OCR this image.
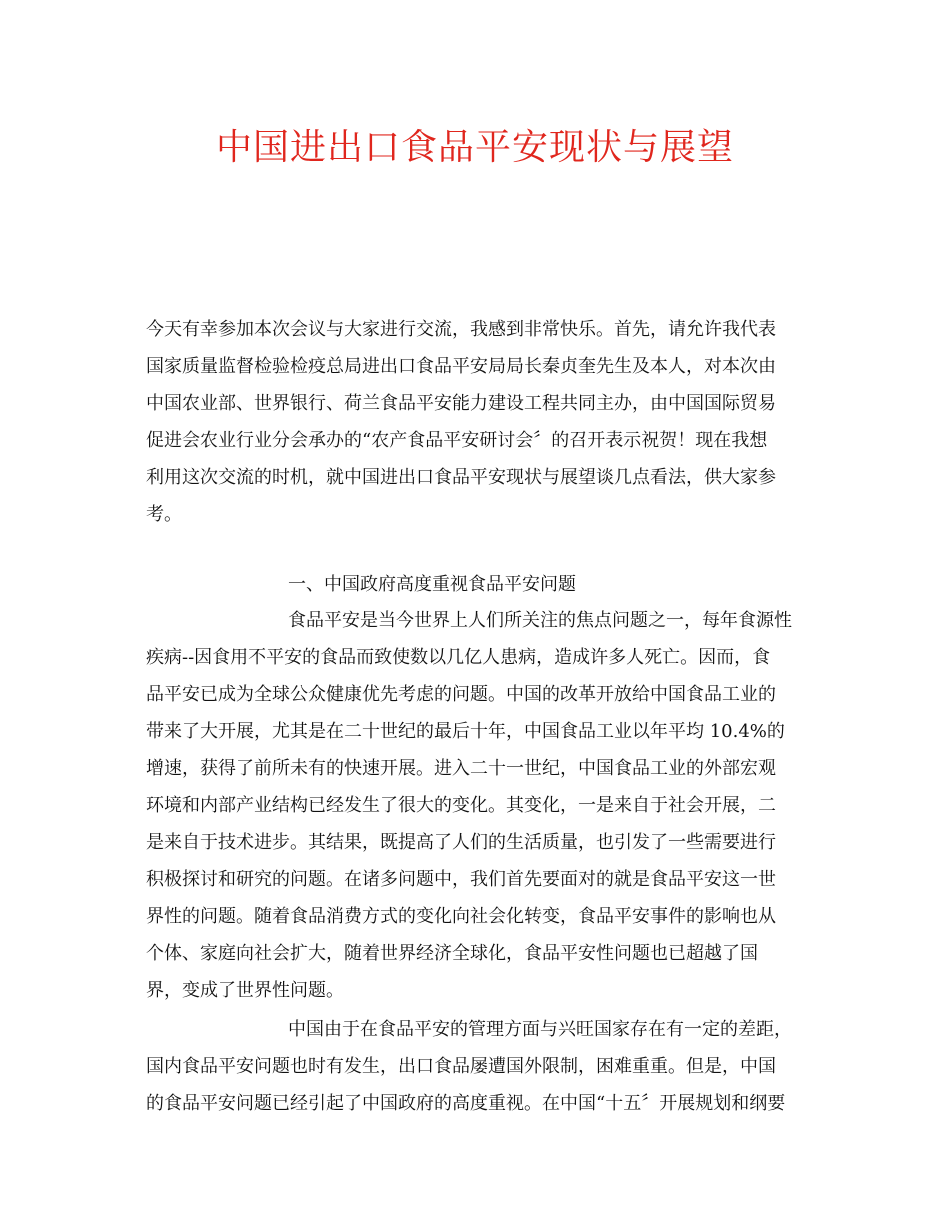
中国进出口食品平安现状与展望

今天有幸参加本次会议与大家进行交流，我感到非常快乐。首先，请允许我代表

国家质量监督检验检疫总局进出口食品平安局局长秦贞奎先生及本人，对本次由

中国农业部、世界银行、荷兰食品平安能力建设工程共同主办，由中国国际贸易

促进会农业行业分会承办的“农产食品平安研讨会〞的召开表示祝贺！现在我想

利用这次交流的时机，就中国进出口食品平安现状与展望谈几点看法，供大家参

考。

一、中国政府高度重视食品平安问题

食品平安是当今世界上人们所关注的焦点问题之一，每年食源性

疾病--因食用不平安的食品而致使数以几亿人患病，造成许多人死亡。因而，食

品平安已成为全球公众健康优先考虑的问题。中国的改革开放给中国食品工业的

带来了大开展，尤其是在二十世纪的最后十年，中国食品工业以年平均 10.4%的

增速，获得了前所未有的快速开展。进入二十一世纪，中国食品工业的外部宏观

环境和内部产业结构已经发生了很大的变化。其变化，一是来自于社会开展，二

是来自于技术进步。其结果，既提高了人们的生活质量，也引发了一些需要进行

积极探讨和研究的问题。在诸多问题中，我们首先要面对的就是食品平安这一世

界性的问题。随着食品消费方式的变化向社会化转变，食品平安事件的影响也从

个体、家庭向社会扩大，随着世界经济全球化，食品平安性问题也已超越了国

界，变成了世界性问题。

中国由于在食品平安的管理方面与兴旺国家存在有一定的差距，

国内食品平安问题也时有发生，出口食品屡遭国外限制，困难重重。但是，中国

的食品平安问题已经引起了中国政府的高度重视。在中国“十五〞开展规划和纲要
